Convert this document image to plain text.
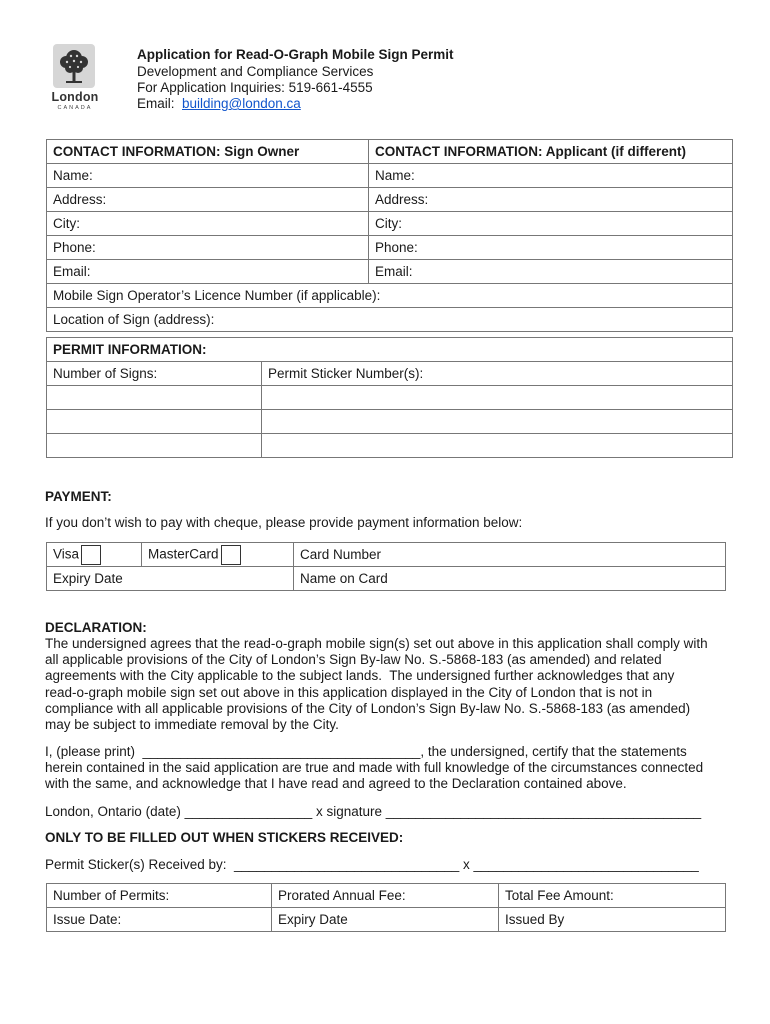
London
CANADA
Application for Read-O-Graph Mobile Sign Permit
Development and Compliance Services
For Application Inquiries: 519-661-4555
Email:  building@london.ca
CONTACT INFORMATION: Sign Owner	CONTACT INFORMATION: Applicant (if different)
Name:	Name:
Address:	Address:
City:	City:
Phone:	Phone:
Email:	Email:
Mobile Sign Operator’s Licence Number (if applicable):	
Location of Sign (address):	
PERMIT INFORMATION:	
Number of Signs:	Permit Sticker Number(s):

PAYMENT:
If you don’t wish to pay with cheque, please provide payment information below:
Visa	MasterCard	Card Number
Expiry Date		Name on Card
DECLARATION:
The undersigned agrees that the read-o-graph mobile sign(s) set out above in this application shall comply with
all applicable provisions of the City of London’s Sign By-law No. S.-5868-183 (as amended) and related
agreements with the City applicable to the subject lands.  The undersigned further acknowledges that any
read-o-graph mobile sign set out above in this application displayed in the City of London that is not in
compliance with all applicable provisions of the City of London’s Sign By-law No. S.-5868-183 (as amended)
may be subject to immediate removal by the City.
I, (please print)  _____________________________________, the undersigned, certify that the statements
herein contained in the said application are true and made with full knowledge of the circumstances connected
with the same, and acknowledge that I have read and agreed to the Declaration contained above.
London, Ontario (date) _________________ x signature __________________________________________
ONLY TO BE FILLED OUT WHEN STICKERS RECEIVED:
Permit Sticker(s) Received by:  ______________________________ x ______________________________
Number of Permits:	Prorated Annual Fee:	Total Fee Amount:
Issue Date:	Expiry Date	Issued By
